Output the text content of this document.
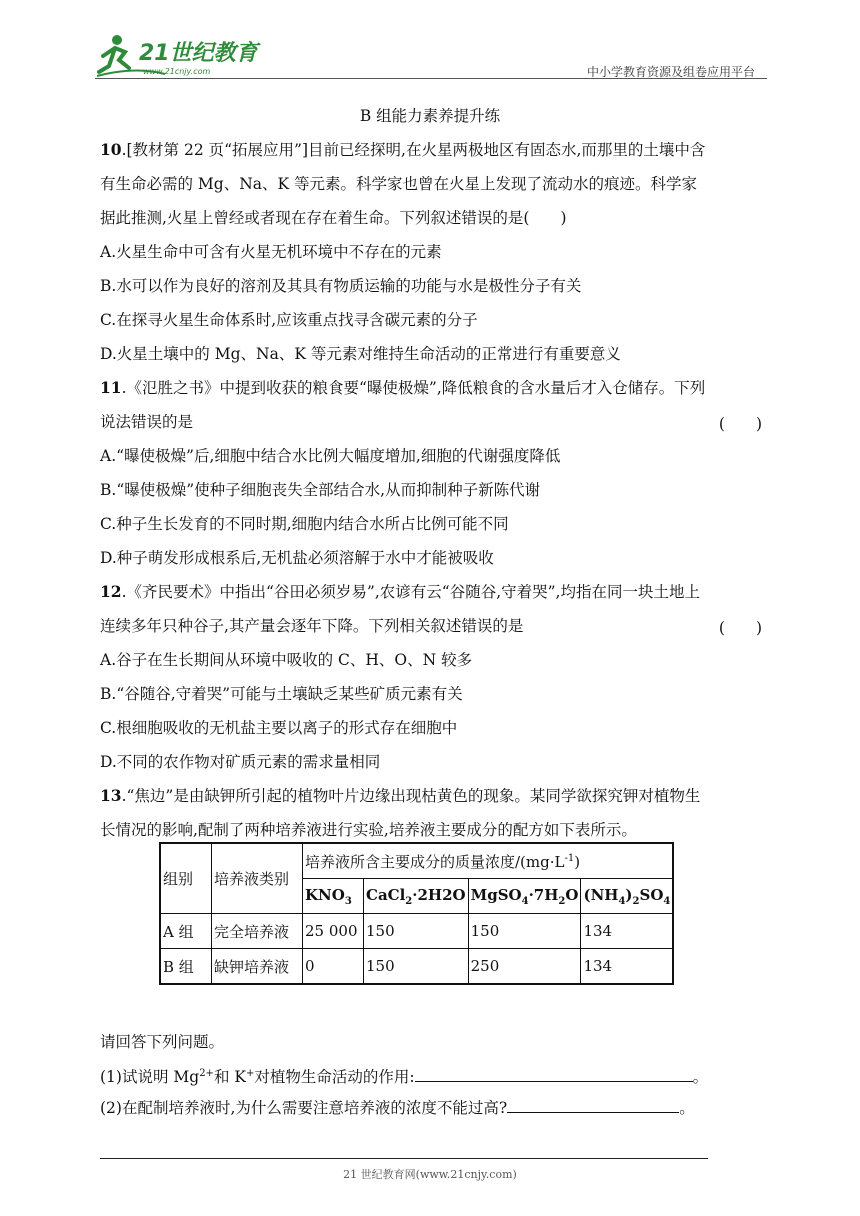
21世纪教育
www.21cnjy.com	中小学教育资源及组卷应用平台
B 组能力素养提升练
10.[教材第 22 页“拓展应用”]目前已经探明,在火星两极地区有固态水,而那里的土壤中含
有生命必需的 Mg、Na、K 等元素。科学家也曾在火星上发现了流动水的痕迹。科学家
据此推测,火星上曾经或者现在存在着生命。下列叙述错误的是(　　)
A.火星生命中可含有火星无机环境中不存在的元素
B.水可以作为良好的溶剂及其具有物质运输的功能与水是极性分子有关
C.在探寻火星生命体系时,应该重点找寻含碳元素的分子
D.火星土壤中的 Mg、Na、K 等元素对维持生命活动的正常进行有重要意义
11.《氾胜之书》中提到收获的粮食要“曝使极燥”,降低粮食的含水量后才入仓储存。下列
说法错误的是	(　　)
A.“曝使极燥”后,细胞中结合水比例大幅度增加,细胞的代谢强度降低
B.“曝使极燥”使种子细胞丧失全部结合水,从而抑制种子新陈代谢
C.种子生长发育的不同时期,细胞内结合水所占比例可能不同
D.种子萌发形成根系后,无机盐必须溶解于水中才能被吸收
12.《齐民要术》中指出“谷田必须岁易”,农谚有云“谷随谷,守着哭”,均指在同一块土地上
连续多年只种谷子,其产量会逐年下降。下列相关叙述错误的是	(　　)
A.谷子在生长期间从环境中吸收的 C、H、O、N 较多
B.“谷随谷,守着哭”可能与土壤缺乏某些矿质元素有关
C.根细胞吸收的无机盐主要以离子的形式存在细胞中
D.不同的农作物对矿质元素的需求量相同
13.“焦边”是由缺钾所引起的植物叶片边缘出现枯黄色的现象。某同学欲探究钾对植物生
长情况的影响,配制了两种培养液进行实验,培养液主要成分的配方如下表所示。
组别	培养液类别	培养液所含主要成分的质量浓度$/(mg\cdot L^{-1})$			
		$KNO_3$	CaCl$_2$·2H2O	$MgSO_4\cdot 7H_2O$	$(NH_4)_2SO_4$
A 组	完全培养液	25 000	150	150	134
B 组	缺钾培养液	0	150	250	134
请回答下列问题。
(1)试说明 $Mg^{2+}$和 K+对植物生命活动的作用:	。
(2)在配制培养液时,为什么需要注意培养液的浓度不能过高?	。
21 世纪教育网(www.21cnjy.com)
